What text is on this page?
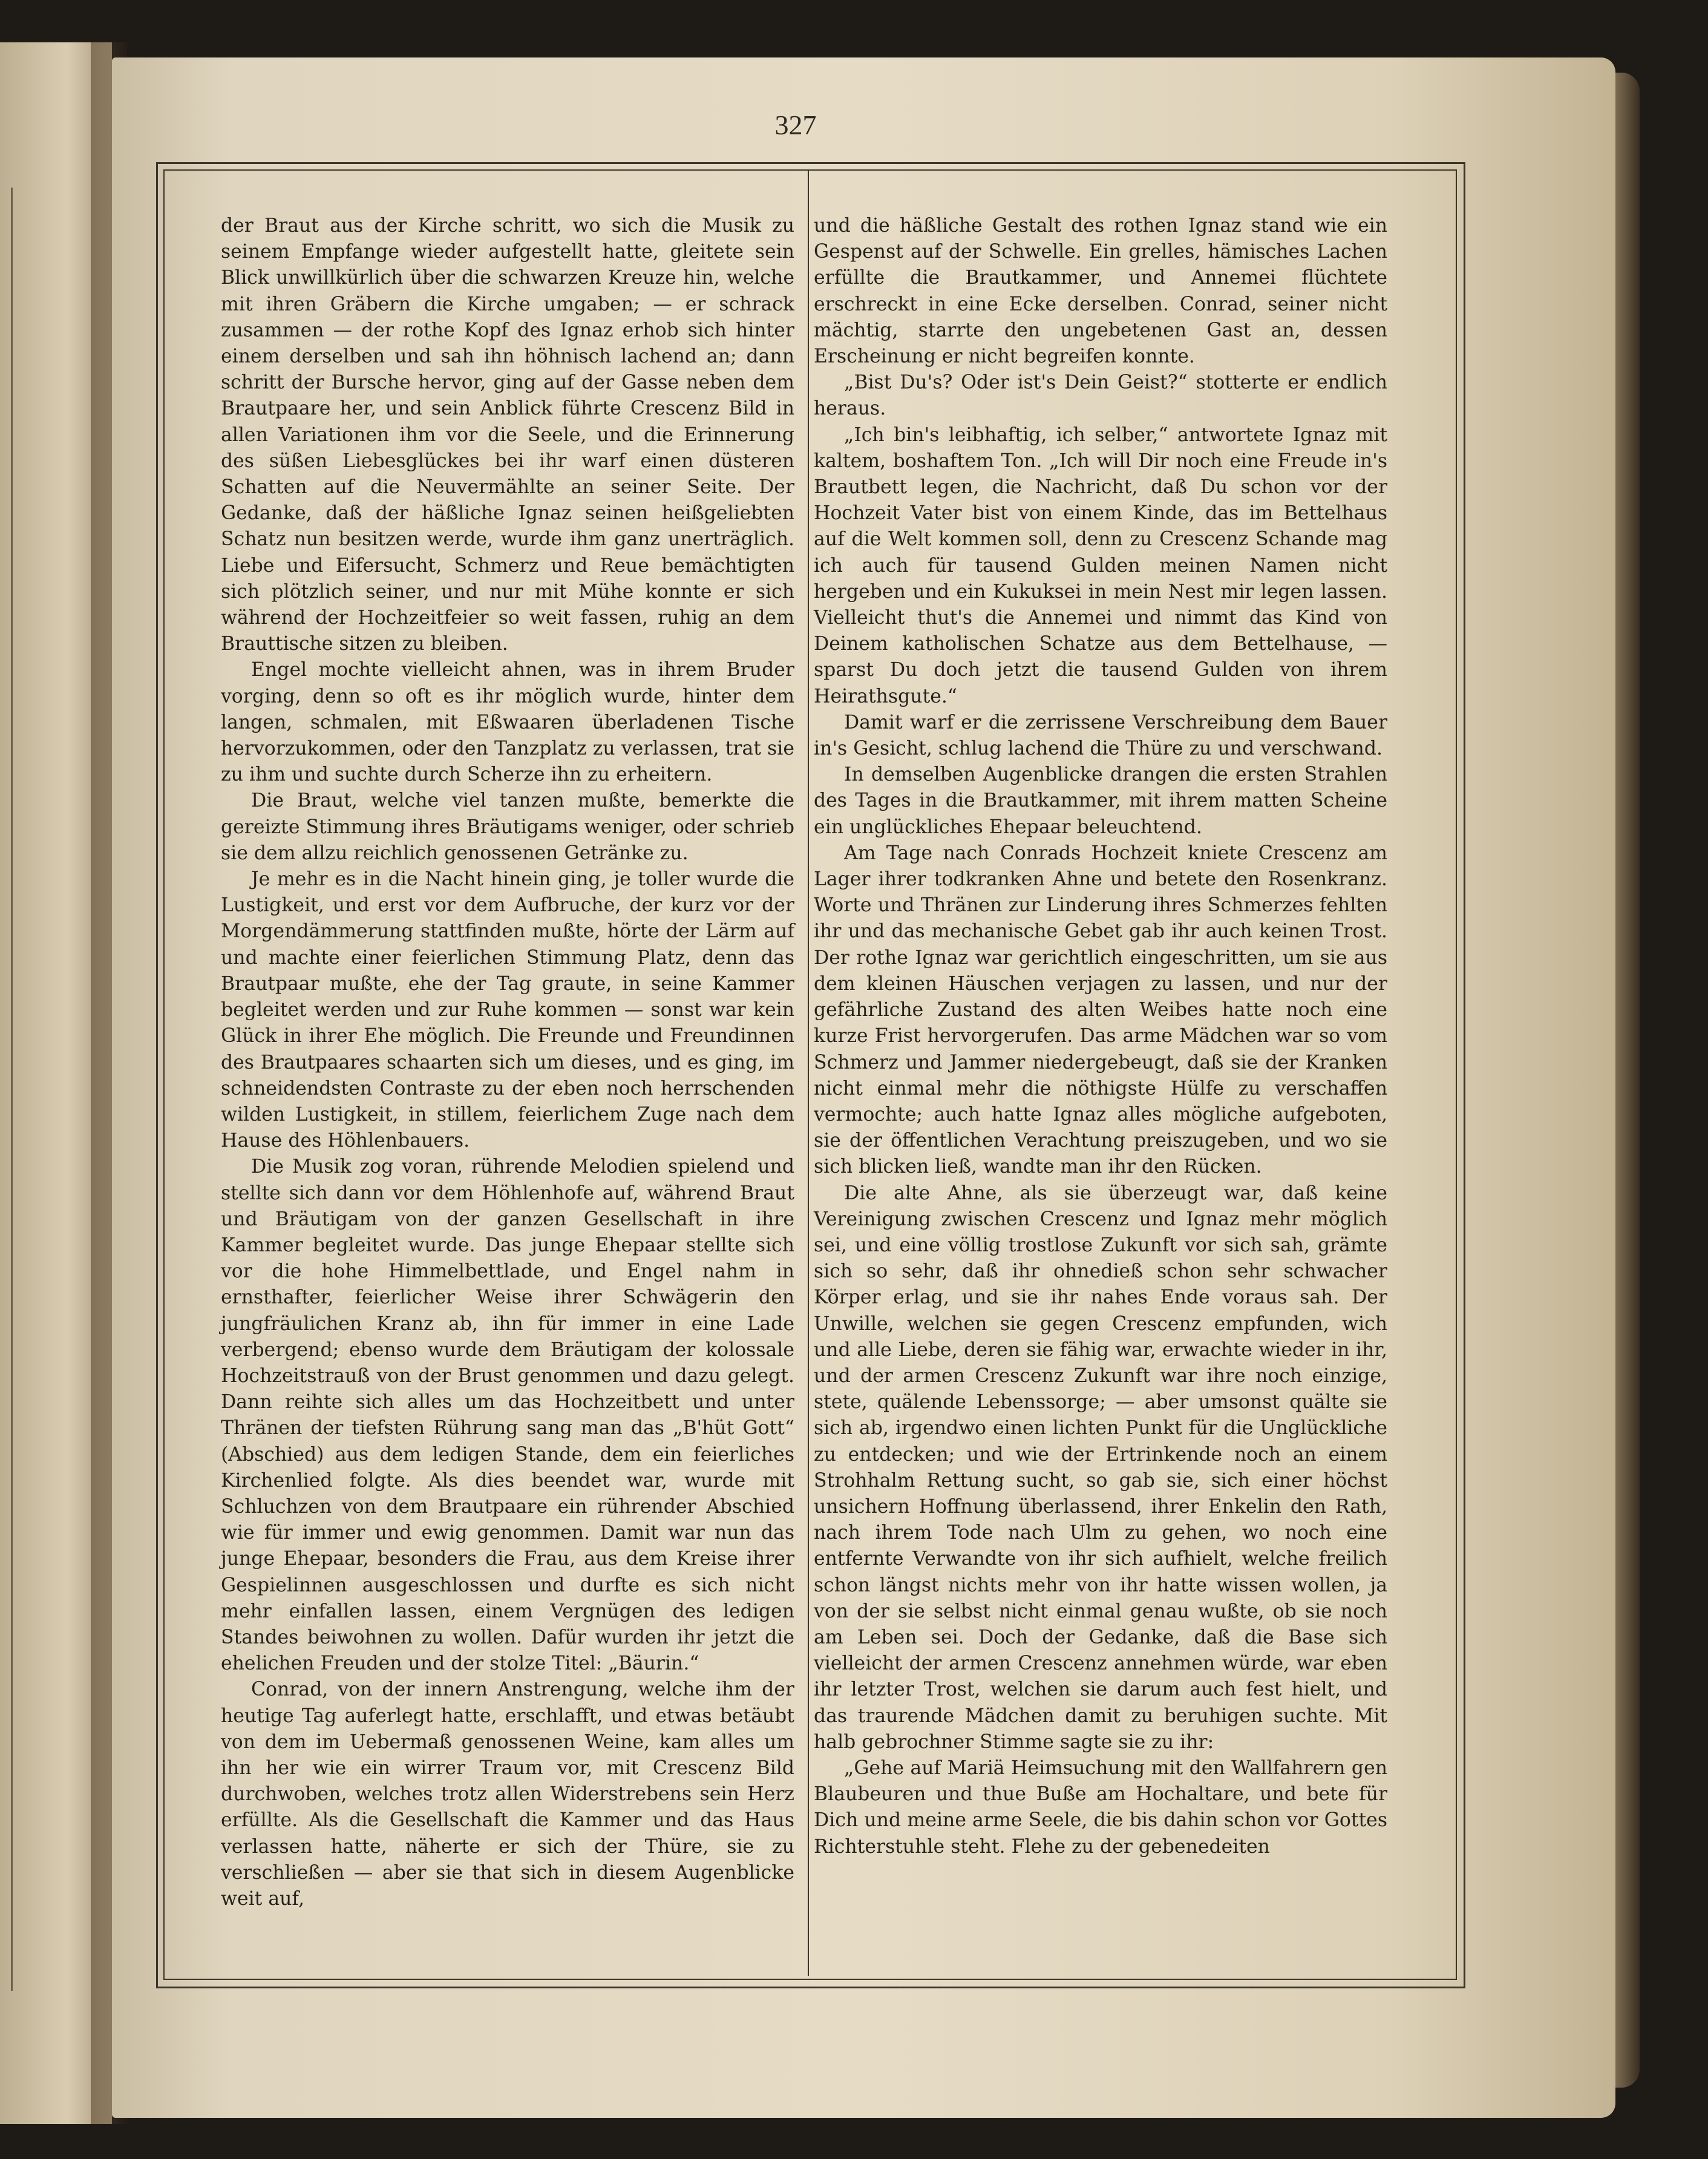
327

der Braut aus der Kirche schritt, wo sich die Musik zu seinem Empfange wieder aufgestellt hatte, gleitete sein Blick unwillkürlich über die schwarzen Kreuze hin, welche mit ihren Gräbern die Kirche umgaben; — er schrack zusammen — der rothe Kopf des Ignaz erhob sich hinter einem derselben und sah ihn höhnisch lachend an; dann schritt der Bursche hervor, ging auf der Gasse neben dem Brautpaare her, und sein Anblick führte Crescenz Bild in allen Variationen ihm vor die Seele, und die Erinnerung des süßen Liebesglückes bei ihr warf einen düsteren Schatten auf die Neuvermählte an seiner Seite. Der Gedanke, daß der häßliche Ignaz seinen heißgeliebten Schatz nun besitzen werde, wurde ihm ganz unerträglich. Liebe und Eifersucht, Schmerz und Reue bemächtigten sich plötzlich seiner, und nur mit Mühe konnte er sich während der Hochzeitfeier so weit fassen, ruhig an dem Brauttische sitzen zu bleiben.

Engel mochte vielleicht ahnen, was in ihrem Bruder vorging, denn so oft es ihr möglich wurde, hinter dem langen, schmalen, mit Eßwaaren überladenen Tische hervorzukommen, oder den Tanzplatz zu verlassen, trat sie zu ihm und suchte durch Scherze ihn zu erheitern.

Die Braut, welche viel tanzen mußte, bemerkte die gereizte Stimmung ihres Bräutigams weniger, oder schrieb sie dem allzu reichlich genossenen Getränke zu.

Je mehr es in die Nacht hinein ging, je toller wurde die Lustigkeit, und erst vor dem Aufbruche, der kurz vor der Morgendämmerung stattfinden mußte, hörte der Lärm auf und machte einer feierlichen Stimmung Platz, denn das Brautpaar mußte, ehe der Tag graute, in seine Kammer begleitet werden und zur Ruhe kommen — sonst war kein Glück in ihrer Ehe möglich. Die Freunde und Freundinnen des Brautpaares schaarten sich um dieses, und es ging, im schneidendsten Contraste zu der eben noch herrschenden wilden Lustigkeit, in stillem, feierlichem Zuge nach dem Hause des Höhlenbauers.

Die Musik zog voran, rührende Melodien spielend und stellte sich dann vor dem Höhlenhofe auf, während Braut und Bräutigam von der ganzen Gesellschaft in ihre Kammer begleitet wurde. Das junge Ehepaar stellte sich vor die hohe Himmelbettlade, und Engel nahm in ernsthafter, feierlicher Weise ihrer Schwägerin den jungfräulichen Kranz ab, ihn für immer in eine Lade verbergend; ebenso wurde dem Bräutigam der kolossale Hochzeitstrauß von der Brust genommen und dazu gelegt. Dann reihte sich alles um das Hochzeitbett und unter Thränen der tiefsten Rührung sang man das „B'hüt Gott“ (Abschied) aus dem ledigen Stande, dem ein feierliches Kirchenlied folgte. Als dies beendet war, wurde mit Schluchzen von dem Brautpaare ein rührender Abschied wie für immer und ewig genommen. Damit war nun das junge Ehepaar, besonders die Frau, aus dem Kreise ihrer Gespielinnen ausgeschlossen und durfte es sich nicht mehr einfallen lassen, einem Vergnügen des ledigen Standes beiwohnen zu wollen. Dafür wurden ihr jetzt die ehelichen Freuden und der stolze Titel: „Bäurin.“

Conrad, von der innern Anstrengung, welche ihm der heutige Tag auferlegt hatte, erschlafft, und etwas betäubt von dem im Uebermaß genossenen Weine, kam alles um ihn her wie ein wirrer Traum vor, mit Crescenz Bild durchwoben, welches trotz allen Widerstrebens sein Herz erfüllte. Als die Gesellschaft die Kammer und das Haus verlassen hatte, näherte er sich der Thüre, sie zu verschließen — aber sie that sich in diesem Augenblicke weit auf,

und die häßliche Gestalt des rothen Ignaz stand wie ein Gespenst auf der Schwelle. Ein grelles, hämisches Lachen erfüllte die Brautkammer, und Annemei flüchtete erschreckt in eine Ecke derselben. Conrad, seiner nicht mächtig, starrte den ungebetenen Gast an, dessen Erscheinung er nicht begreifen konnte.

„Bist Du's? Oder ist's Dein Geist?“ stotterte er endlich heraus.

„Ich bin's leibhaftig, ich selber,“ antwortete Ignaz mit kaltem, boshaftem Ton. „Ich will Dir noch eine Freude in's Brautbett legen, die Nachricht, daß Du schon vor der Hochzeit Vater bist von einem Kinde, das im Bettelhaus auf die Welt kommen soll, denn zu Crescenz Schande mag ich auch für tausend Gulden meinen Namen nicht hergeben und ein Kukuksei in mein Nest mir legen lassen. Vielleicht thut's die Annemei und nimmt das Kind von Deinem katholischen Schatze aus dem Bettelhause, — sparst Du doch jetzt die tausend Gulden von ihrem Heirathsgute.“

Damit warf er die zerrissene Verschreibung dem Bauer in's Gesicht, schlug lachend die Thüre zu und verschwand.

In demselben Augenblicke drangen die ersten Strahlen des Tages in die Brautkammer, mit ihrem matten Scheine ein unglückliches Ehepaar beleuchtend.

Am Tage nach Conrads Hochzeit kniete Crescenz am Lager ihrer todkranken Ahne und betete den Rosenkranz. Worte und Thränen zur Linderung ihres Schmerzes fehlten ihr und das mechanische Gebet gab ihr auch keinen Trost. Der rothe Ignaz war gerichtlich eingeschritten, um sie aus dem kleinen Häuschen verjagen zu lassen, und nur der gefährliche Zustand des alten Weibes hatte noch eine kurze Frist hervorgerufen. Das arme Mädchen war so vom Schmerz und Jammer niedergebeugt, daß sie der Kranken nicht einmal mehr die nöthigste Hülfe zu verschaffen vermochte; auch hatte Ignaz alles mögliche aufgeboten, sie der öffentlichen Verachtung preiszugeben, und wo sie sich blicken ließ, wandte man ihr den Rücken.

Die alte Ahne, als sie überzeugt war, daß keine Vereinigung zwischen Crescenz und Ignaz mehr möglich sei, und eine völlig trostlose Zukunft vor sich sah, grämte sich so sehr, daß ihr ohnedieß schon sehr schwacher Körper erlag, und sie ihr nahes Ende voraus sah. Der Unwille, welchen sie gegen Crescenz empfunden, wich und alle Liebe, deren sie fähig war, erwachte wieder in ihr, und der armen Crescenz Zukunft war ihre noch einzige, stete, quälende Lebenssorge; — aber umsonst quälte sie sich ab, irgendwo einen lichten Punkt für die Unglückliche zu entdecken; und wie der Ertrinkende noch an einem Strohhalm Rettung sucht, so gab sie, sich einer höchst unsichern Hoffnung überlassend, ihrer Enkelin den Rath, nach ihrem Tode nach Ulm zu gehen, wo noch eine entfernte Verwandte von ihr sich aufhielt, welche freilich schon längst nichts mehr von ihr hatte wissen wollen, ja von der sie selbst nicht einmal genau wußte, ob sie noch am Leben sei. Doch der Gedanke, daß die Base sich vielleicht der armen Crescenz annehmen würde, war eben ihr letzter Trost, welchen sie darum auch fest hielt, und das traurende Mädchen damit zu beruhigen suchte. Mit halb gebrochner Stimme sagte sie zu ihr:

„Gehe auf Mariä Heimsuchung mit den Wallfahrern gen Blaubeuren und thue Buße am Hochaltare, und bete für Dich und meine arme Seele, die bis dahin schon vor Gottes Richterstuhle steht. Flehe zu der gebenedeiten
